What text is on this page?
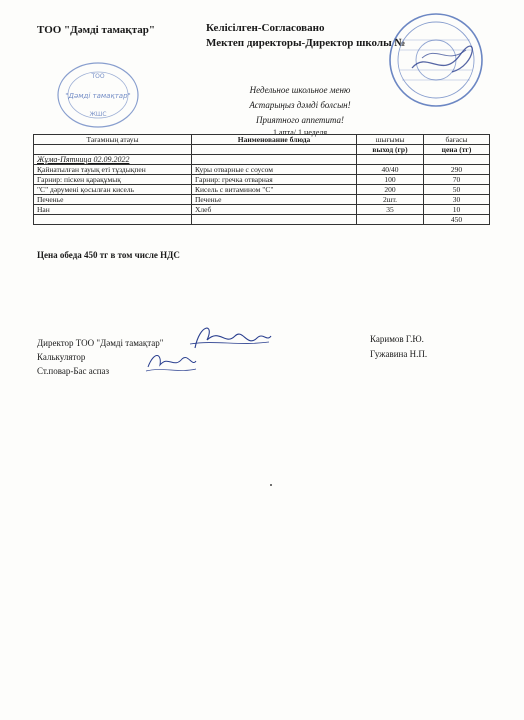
ТОО "Дәмді тамақтар"	Келісілген-Согласовано
Мектеп директоры-Директор школы №
ТОО
"Дәмді тамақтар"
ЖШС
Недельное школьное меню
Астарыңыз дәмді болсын!
Приятного аппетита!
1 апта/ 1 неделя
Тағамның атауы	Наименование блюда	шығымы	бағасы
		выход (гр)	цена (тг)
Жұма-Пятница 02.09.2022			
Қайнатылған тауық еті тұздықпен	Куры отварные с соусом	40/40	290
Гарнир: піскен қарақұмық	Гарнир: гречка отварная	100	70
"С" дәрумені қосылған кисель	Кисель с витамином "С"	200	50
Печенье	Печенье	2шт.	30
Нан	Хлеб	35	10
			450
Цена обеда 450 тг в том числе НДС
Директор ТОО "Дәмді тамақтар"
Калькулятор
Ст.повар-Бас аспаз
Каримов Г.Ю.
Гужавина Н.П.
